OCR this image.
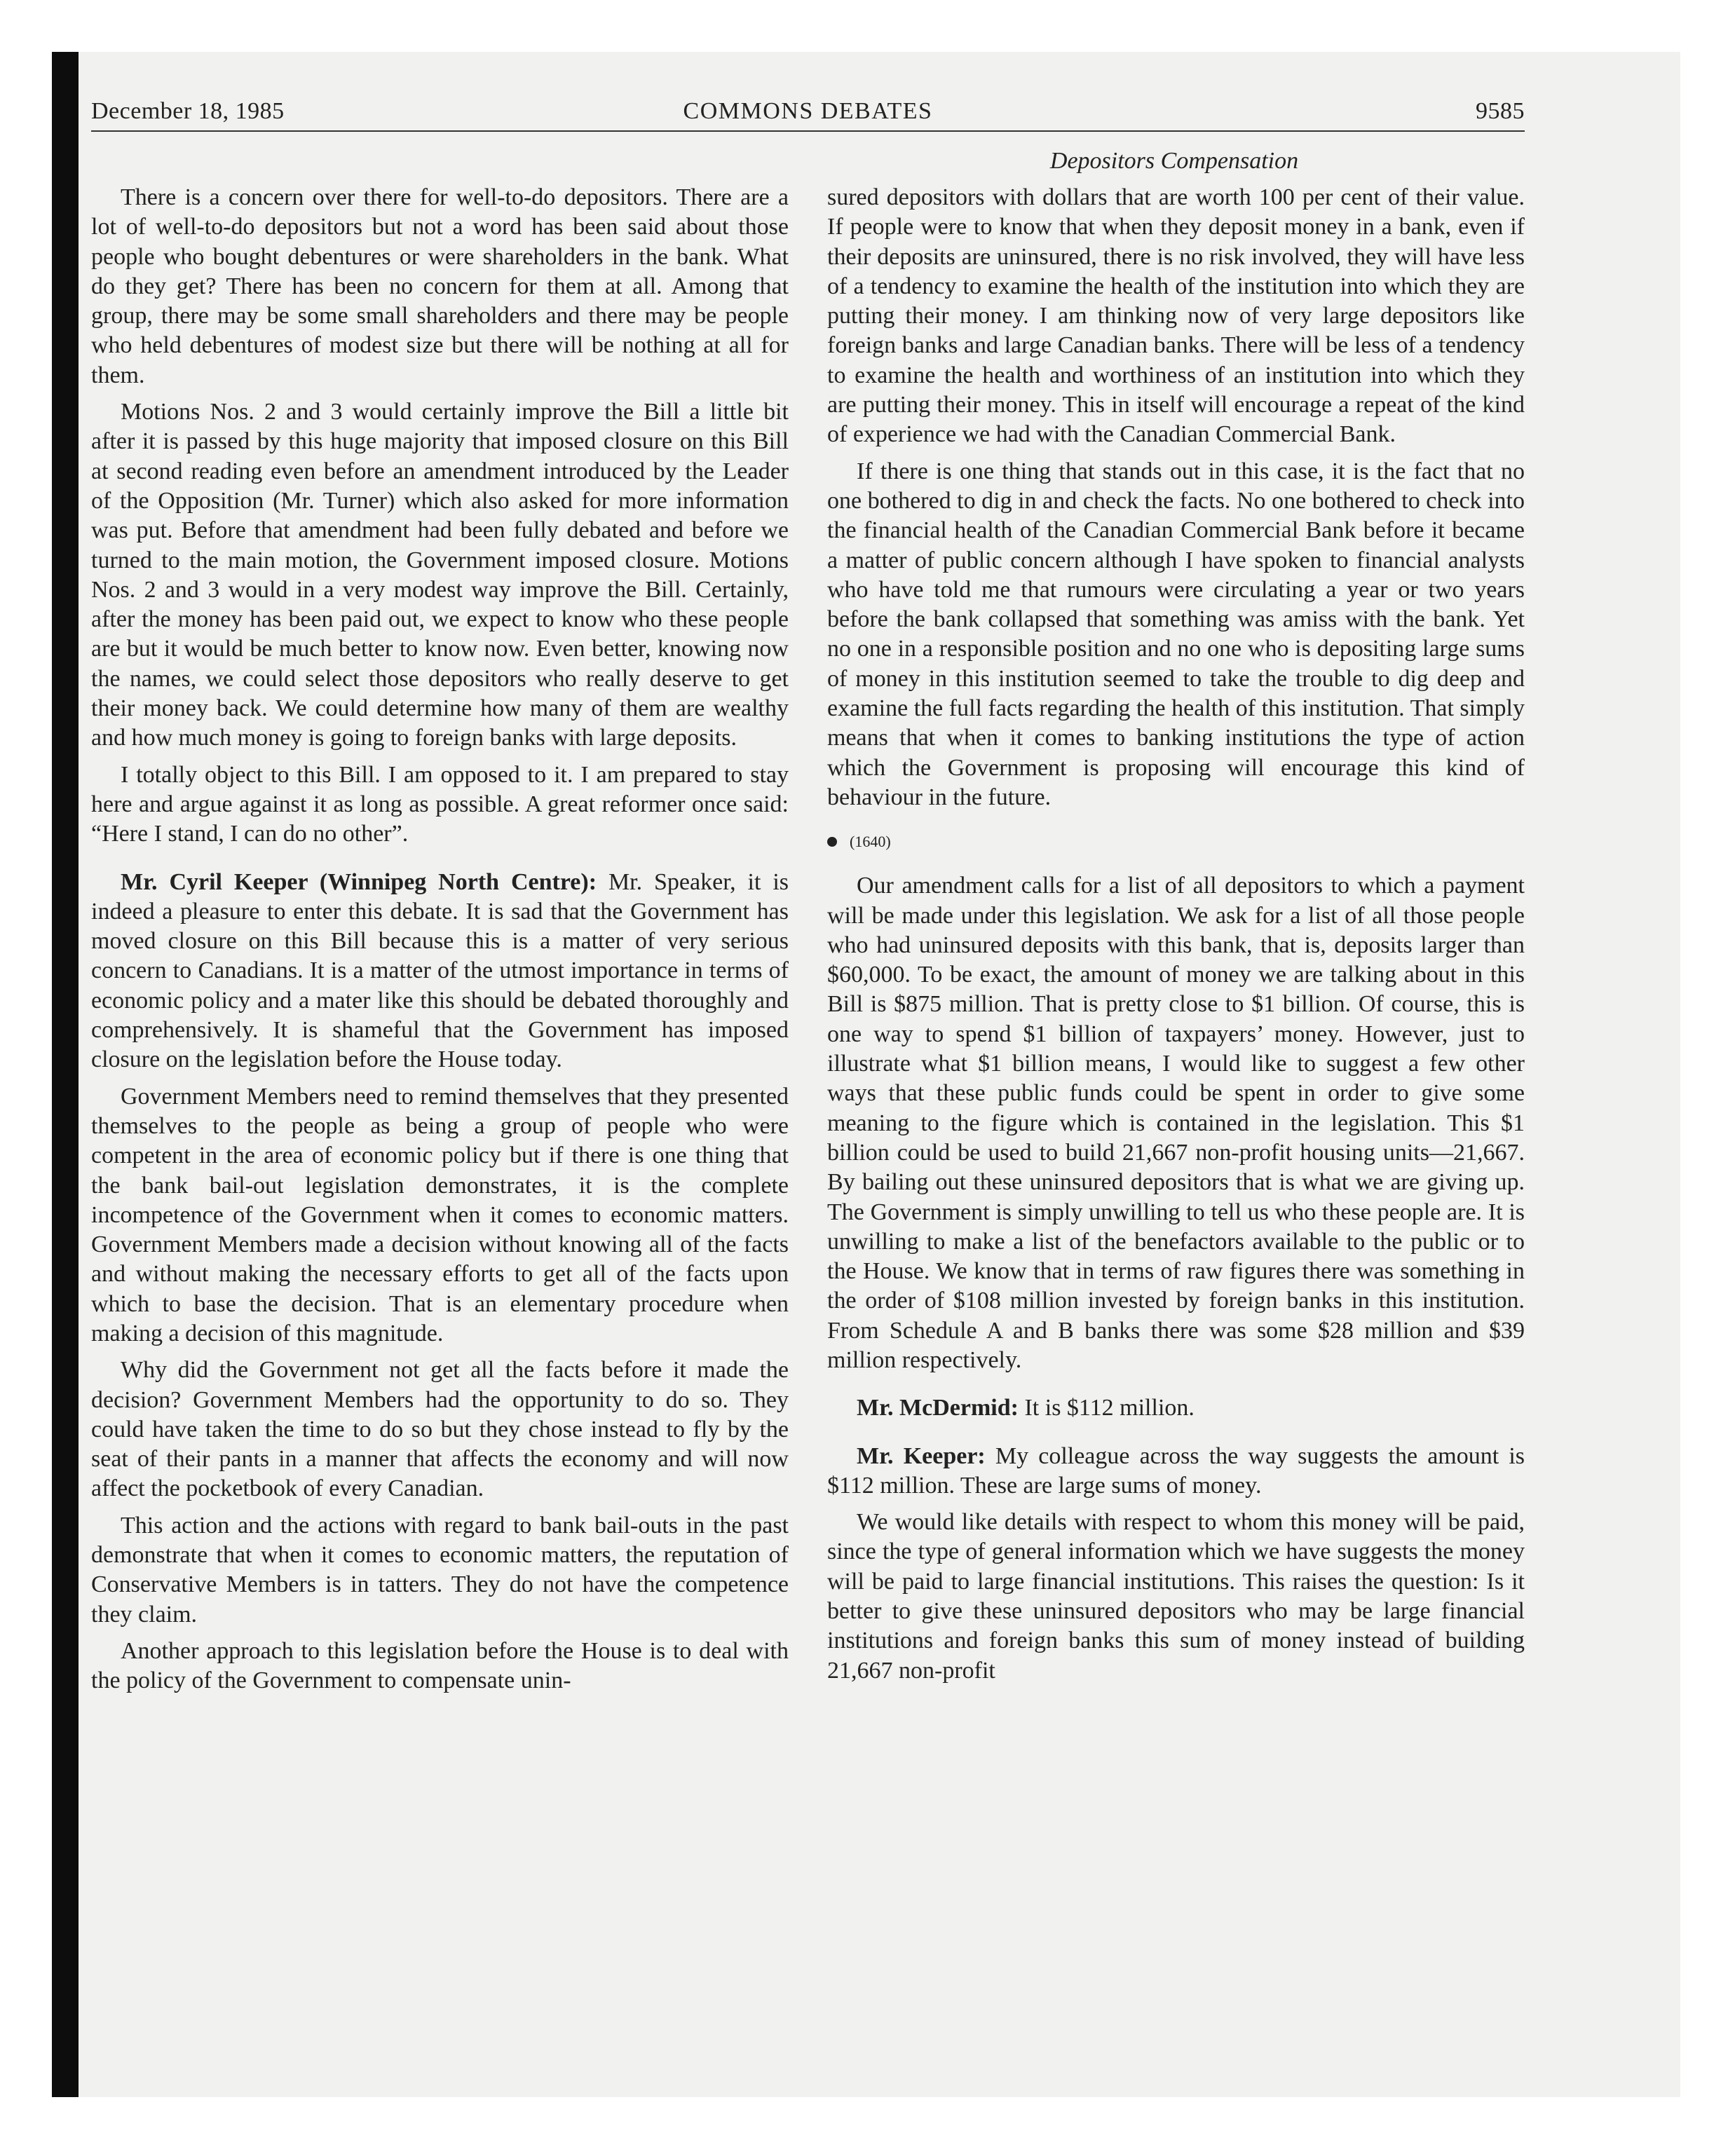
December 18, 1985	COMMONS DEBATES	9585
Depositors Compensation

There is a concern over there for well-to-do depositors. There are a lot of well-to-do depositors but not a word has been said about those people who bought debentures or were shareholders in the bank. What do they get? There has been no concern for them at all. Among that group, there may be some small shareholders and there may be people who held debentures of modest size but there will be nothing at all for them.

Motions Nos. 2 and 3 would certainly improve the Bill a little bit after it is passed by this huge majority that imposed closure on this Bill at second reading even before an amendment introduced by the Leader of the Opposition (Mr. Turner) which also asked for more information was put. Before that amendment had been fully debated and before we turned to the main motion, the Government imposed closure. Motions Nos. 2 and 3 would in a very modest way improve the Bill. Certainly, after the money has been paid out, we expect to know who these people are but it would be much better to know now. Even better, knowing now the names, we could select those depositors who really deserve to get their money back. We could determine how many of them are wealthy and how much money is going to foreign banks with large deposits.

I totally object to this Bill. I am opposed to it. I am prepared to stay here and argue against it as long as possible. A great reformer once said: “Here I stand, I can do no other”.

Mr. Cyril Keeper (Winnipeg North Centre): Mr. Speaker, it is indeed a pleasure to enter this debate. It is sad that the Government has moved closure on this Bill because this is a matter of very serious concern to Canadians. It is a matter of the utmost importance in terms of economic policy and a mater like this should be debated thoroughly and comprehensively. It is shameful that the Government has imposed closure on the legislation before the House today.

Government Members need to remind themselves that they presented themselves to the people as being a group of people who were competent in the area of economic policy but if there is one thing that the bank bail-out legislation demonstrates, it is the complete incompetence of the Government when it comes to economic matters. Government Members made a decision without knowing all of the facts and without making the necessary efforts to get all of the facts upon which to base the decision. That is an elementary procedure when making a decision of this magnitude.

Why did the Government not get all the facts before it made the decision? Government Members had the opportunity to do so. They could have taken the time to do so but they chose instead to fly by the seat of their pants in a manner that affects the economy and will now affect the pocketbook of every Canadian.

This action and the actions with regard to bank bail-outs in the past demonstrate that when it comes to economic matters, the reputation of Conservative Members is in tatters. They do not have the competence they claim.

Another approach to this legislation before the House is to deal with the policy of the Government to compensate unin-

sured depositors with dollars that are worth 100 per cent of their value. If people were to know that when they deposit money in a bank, even if their deposits are uninsured, there is no risk involved, they will have less of a tendency to examine the health of the institution into which they are putting their money. I am thinking now of very large depositors like foreign banks and large Canadian banks. There will be less of a tendency to examine the health and worthiness of an institution into which they are putting their money. This in itself will encourage a repeat of the kind of experience we had with the Canadian Commercial Bank.

If there is one thing that stands out in this case, it is the fact that no one bothered to dig in and check the facts. No one bothered to check into the financial health of the Canadian Commercial Bank before it became a matter of public concern although I have spoken to financial analysts who have told me that rumours were circulating a year or two years before the bank collapsed that something was amiss with the bank. Yet no one in a responsible position and no one who is depositing large sums of money in this institution seemed to take the trouble to dig deep and examine the full facts regarding the health of this institution. That simply means that when it comes to banking institutions the type of action which the Government is proposing will encourage this kind of behaviour in the future.

(1640)

Our amendment calls for a list of all depositors to which a payment will be made under this legislation. We ask for a list of all those people who had uninsured deposits with this bank, that is, deposits larger than $60,000. To be exact, the amount of money we are talking about in this Bill is $875 million. That is pretty close to $1 billion. Of course, this is one way to spend $1 billion of taxpayers’ money. However, just to illustrate what $1 billion means, I would like to suggest a few other ways that these public funds could be spent in order to give some meaning to the figure which is contained in the legislation. This $1 billion could be used to build 21,667 non-profit housing units—21,667. By bailing out these uninsured depositors that is what we are giving up. The Government is simply unwilling to tell us who these people are. It is unwilling to make a list of the benefactors available to the public or to the House. We know that in terms of raw figures there was something in the order of $108 million invested by foreign banks in this institution. From Schedule A and B banks there was some $28 million and $39 million respectively.

Mr. McDermid: It is $112 million.

Mr. Keeper: My colleague across the way suggests the amount is $112 million. These are large sums of money.

We would like details with respect to whom this money will be paid, since the type of general information which we have suggests the money will be paid to large financial institutions. This raises the question: Is it better to give these uninsured depositors who may be large financial institutions and foreign banks this sum of money instead of building 21,667 non-profit
